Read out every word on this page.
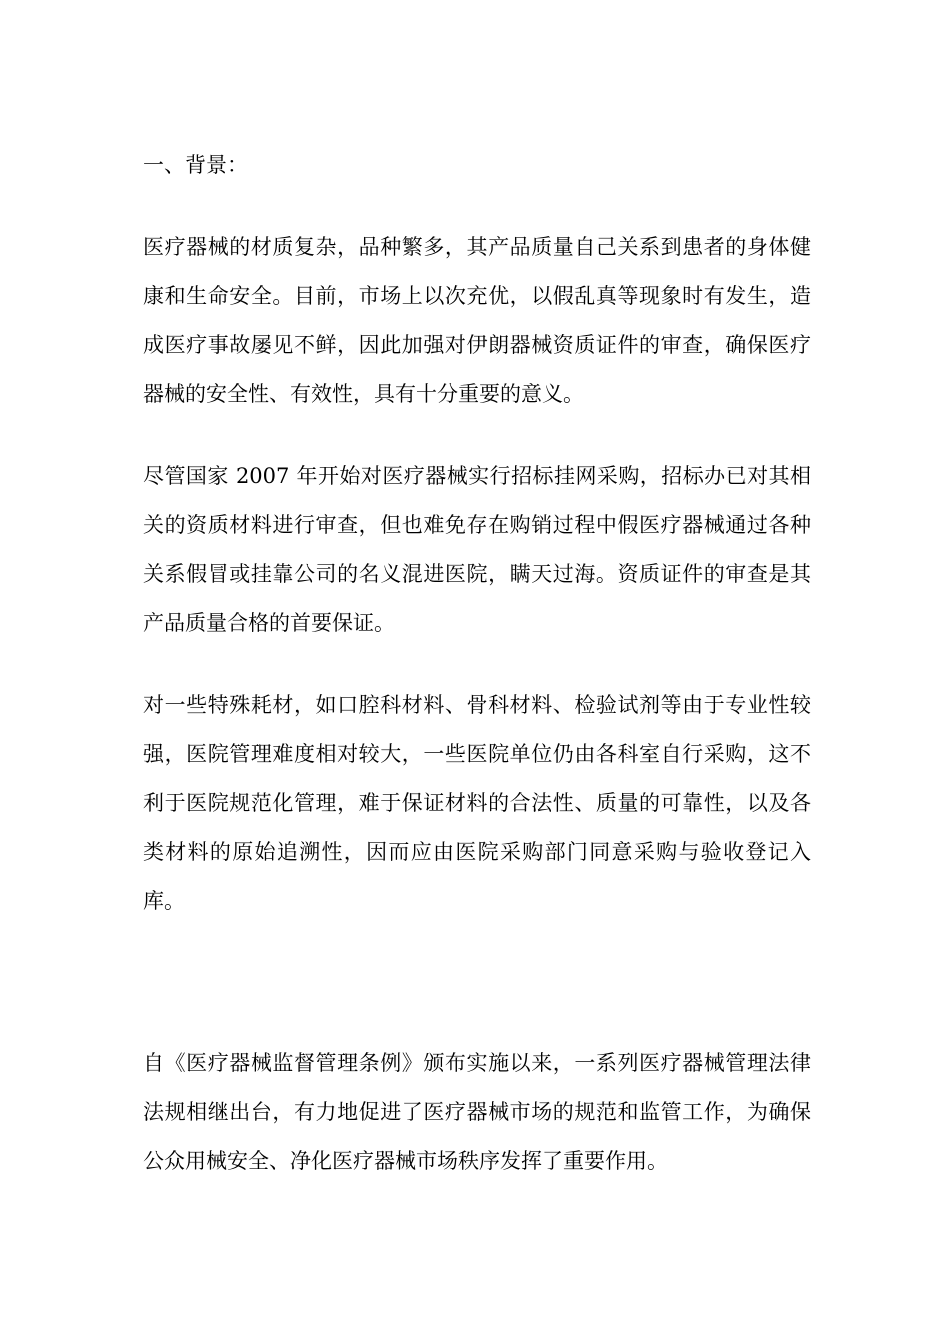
一、背景：
医疗器械的材质复杂，品种繁多，其产品质量自己关系到患者的身体健
康和生命安全。目前，市场上以次充优，以假乱真等现象时有发生，造
成医疗事故屡见不鲜，因此加强对伊朗器械资质证件的审查，确保医疗
器械的安全性、有效性，具有十分重要的意义。
尽管国家 2007 年开始对医疗器械实行招标挂网采购，招标办已对其相
关的资质材料进行审查，但也难免存在购销过程中假医疗器械通过各种
关系假冒或挂靠公司的名义混进医院，瞒天过海。资质证件的审查是其
产品质量合格的首要保证。
对一些特殊耗材，如口腔科材料、骨科材料、检验试剂等由于专业性较
强，医院管理难度相对较大，一些医院单位仍由各科室自行采购，这不
利于医院规范化管理，难于保证材料的合法性、质量的可靠性，以及各
类材料的原始追溯性，因而应由医院采购部门同意采购与验收登记入
库。
自《医疗器械监督管理条例》颁布实施以来，一系列医疗器械管理法律
法规相继出台，有力地促进了医疗器械市场的规范和监管工作，为确保
公众用械安全、净化医疗器械市场秩序发挥了重要作用。
